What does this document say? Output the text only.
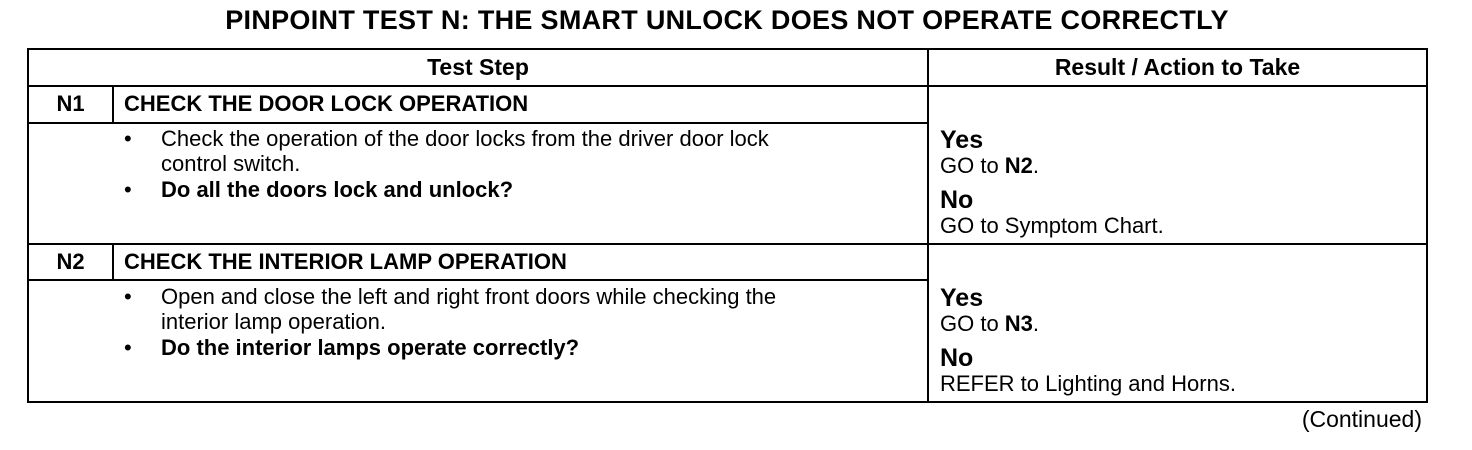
PINPOINT TEST N: THE SMART UNLOCK DOES NOT OPERATE CORRECTLY
Test Step	Result / Action to Take
N1	CHECK THE DOOR LOCK OPERATION
• Check the operation of the door locks from the driver door lock
control switch.
• Do all the doors lock and unlock?
Yes
GO to N2.
No
GO to Symptom Chart.
N2	CHECK THE INTERIOR LAMP OPERATION
• Open and close the left and right front doors while checking the
interior lamp operation.
• Do the interior lamps operate correctly?
Yes
GO to N3.
No
REFER to Lighting and Horns.
(Continued)
